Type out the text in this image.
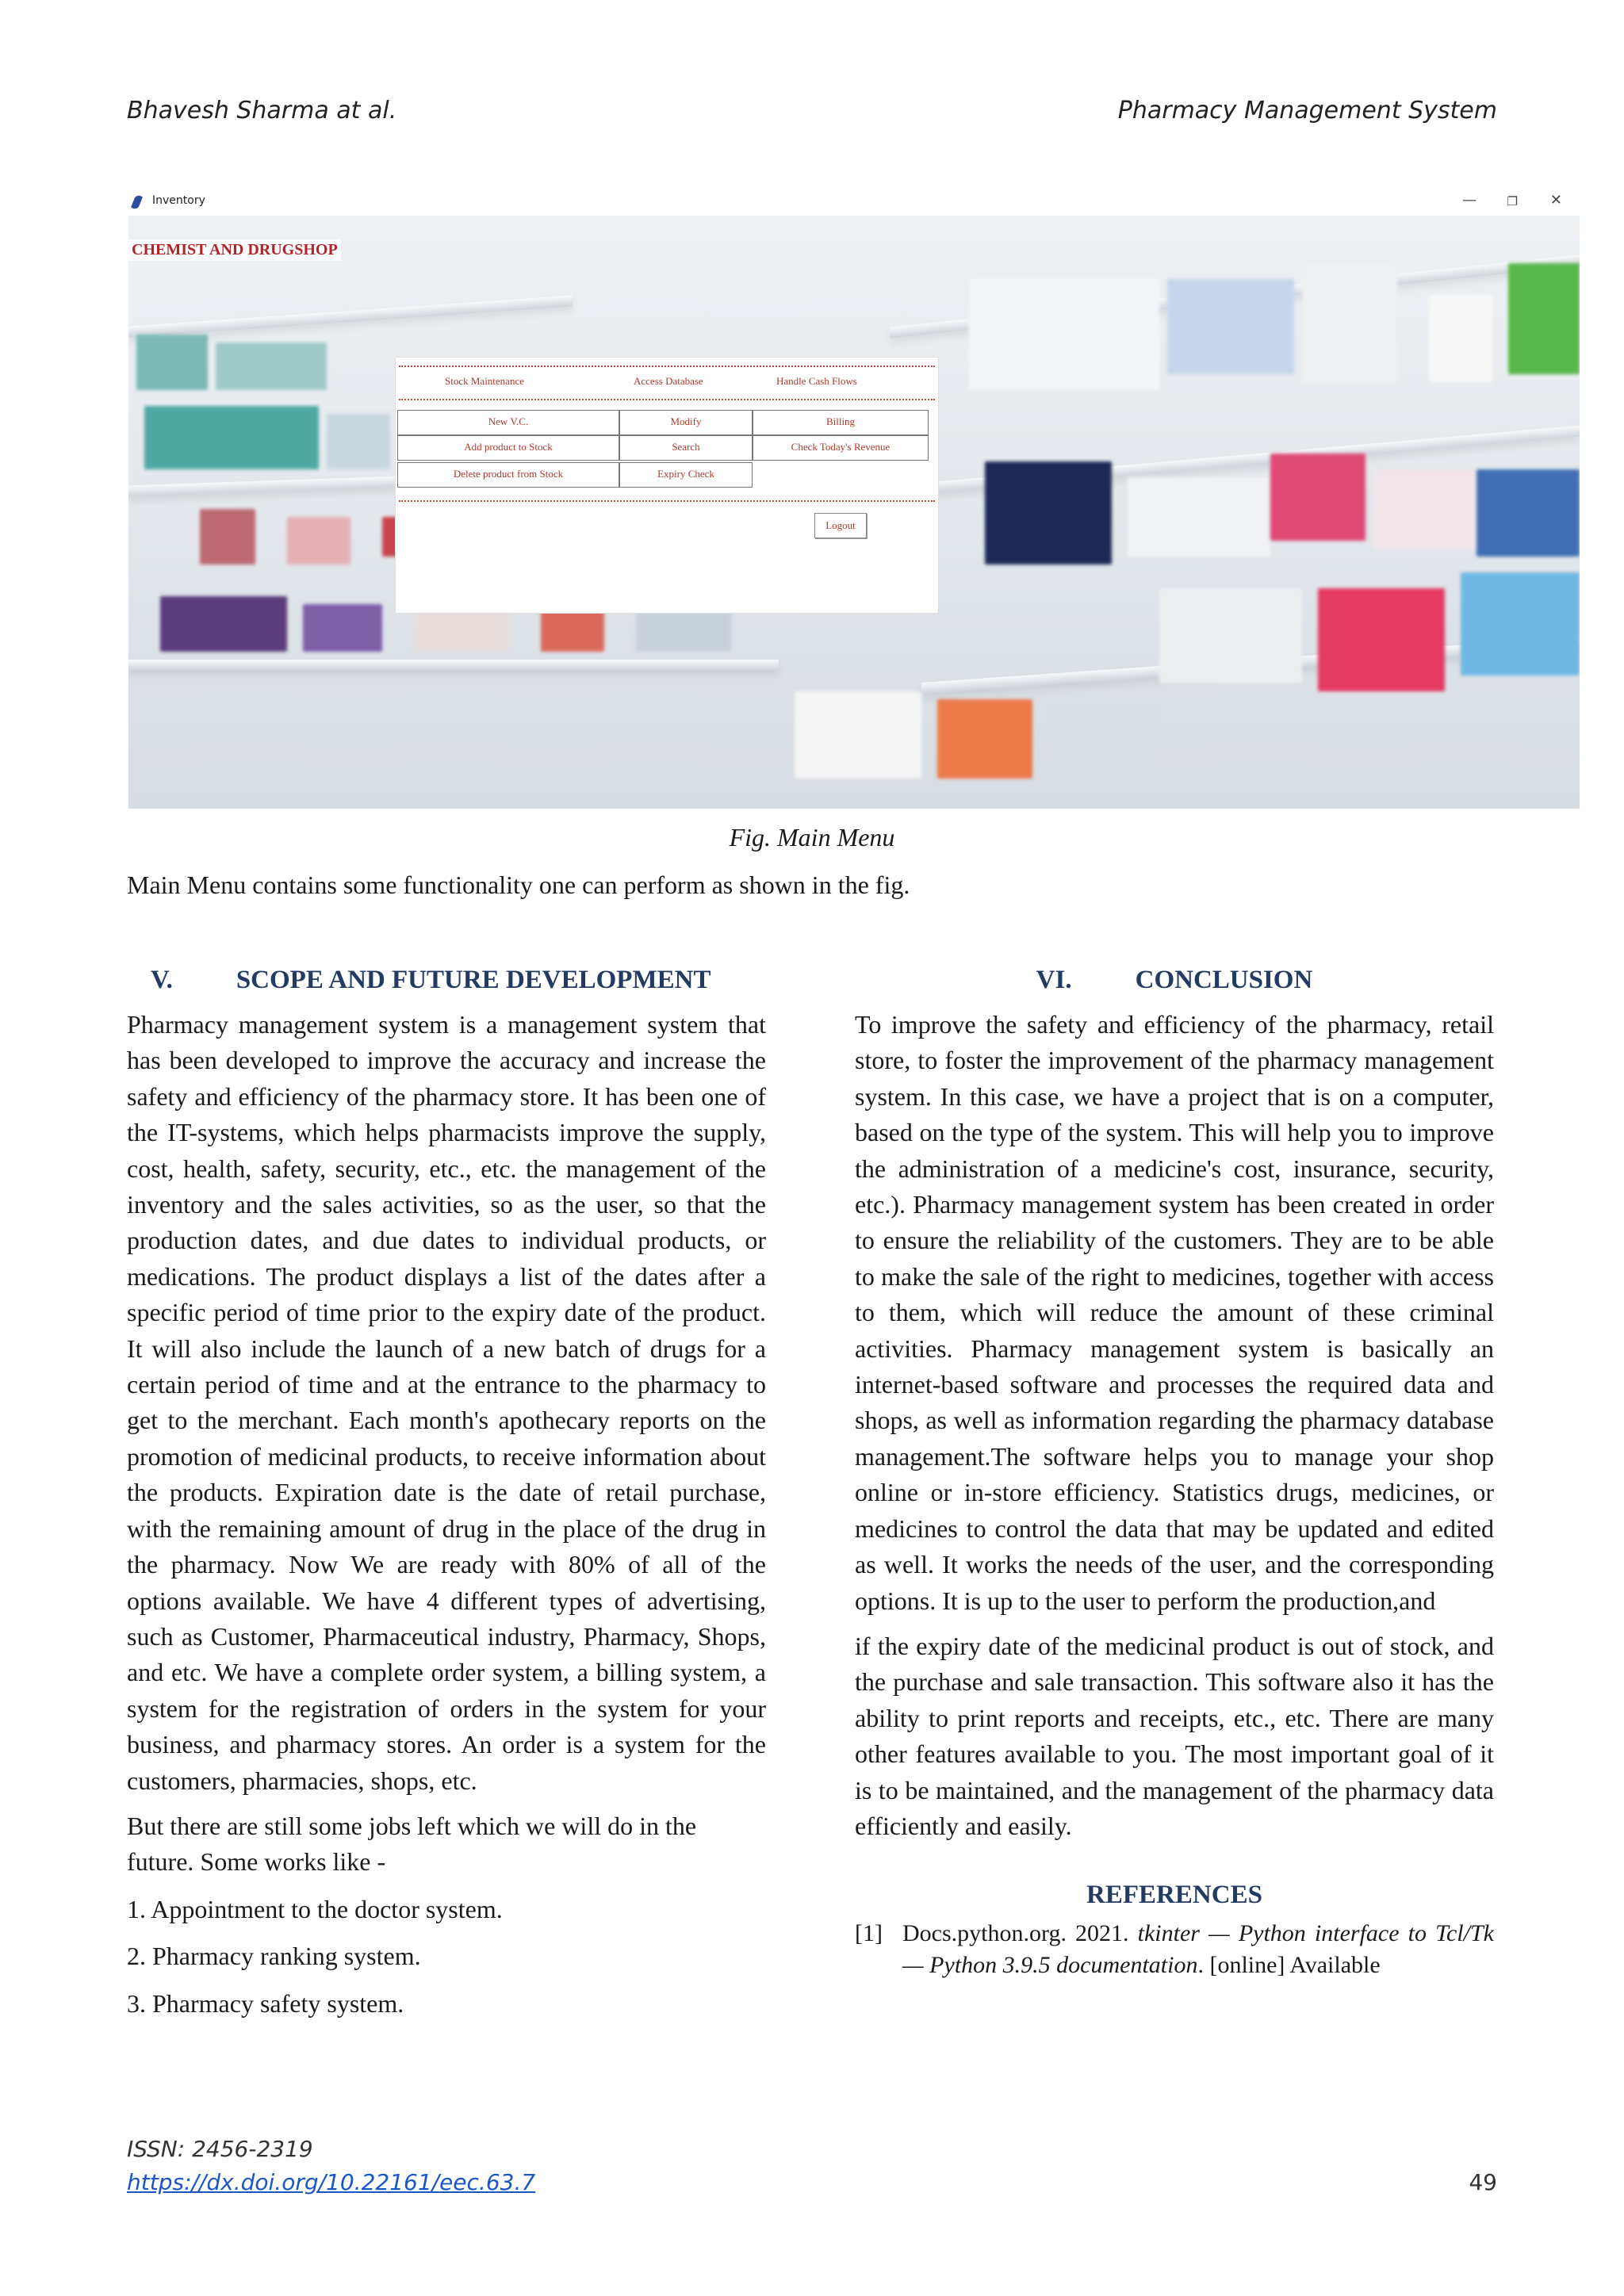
Bhavesh Sharma at al.	Pharmacy Management System
Inventory	—	❐ ✕
CHEMIST AND DRUGSHOP
Stock Maintenance	Access Database	Handle Cash Flows
New V.C.	Modify	Billing
Add product to Stock	Search	Check Today's Revenue
Delete product from Stock	Expiry Check
Logout
Fig. Main Menu
Main Menu contains some functionality one can perform as shown in the fig.
V. SCOPE AND FUTURE DEVELOPMENT

Pharmacy management system is a management system that has been developed to improve the accuracy and increase the safety and efficiency of the pharmacy store. It has been one of the IT-systems, which helps pharmacists improve the supply, cost, health, safety, security, etc., etc. the management of the inventory and the sales activities, so as the user, so that the production dates, and due dates to individual products, or medications. The product displays a list of the dates after a specific period of time prior to the expiry date of the product. It will also include the launch of a new batch of drugs for a certain period of time and at the entrance to the pharmacy to get to the merchant. Each month's apothecary reports on the promotion of medicinal products, to receive information about the products. Expiration date is the date of retail purchase, with the remaining amount of drug in the place of the drug in the pharmacy. Now We are ready with 80% of all of the options available. We have 4 different types of advertising, such as Customer, Pharmaceutical industry, Pharmacy, Shops, and etc. We have a complete order system, a billing system, a system for the registration of orders in the system for your business, and pharmacy stores. An order is a system for the customers, pharmacies, shops, etc.

But there are still some jobs left which we will do in the future. Some works like -

1. Appointment to the doctor system.
2. Pharmacy ranking system.
3. Pharmacy safety system.
VI. CONCLUSION

To improve the safety and efficiency of the pharmacy, retail store, to foster the improvement of the pharmacy management system. In this case, we have a project that is on a computer, based on the type of the system. This will help you to improve the administration of a medicine's cost, insurance, security, etc.). Pharmacy management system has been created in order to ensure the reliability of the customers. They are to be able to make the sale of the right to medicines, together with access to them, which will reduce the amount of these criminal activities. Pharmacy management system is basically an internet-based software and processes the required data and shops, as well as information regarding the pharmacy database management.The software helps you to manage your shop online or in-store efficiency. Statistics drugs, medicines, or medicines to control the data that may be updated and edited as well. It works the needs of the user, and the corresponding options. It is up to the user to perform the production,and

if the expiry date of the medicinal product is out of stock, and the purchase and sale transaction. This software also it has the ability to print reports and receipts, etc., etc. There are many other features available to you. The most important goal of it is to be maintained, and the management of the pharmacy data efficiently and easily.

REFERENCES
[1] Docs.python.org. 2021. tkinter — Python interface to Tcl/Tk — Python 3.9.5 documentation. [online] Available
ISSN: 2456-2319
https://dx.doi.org/10.22161/eec.63.7	49
